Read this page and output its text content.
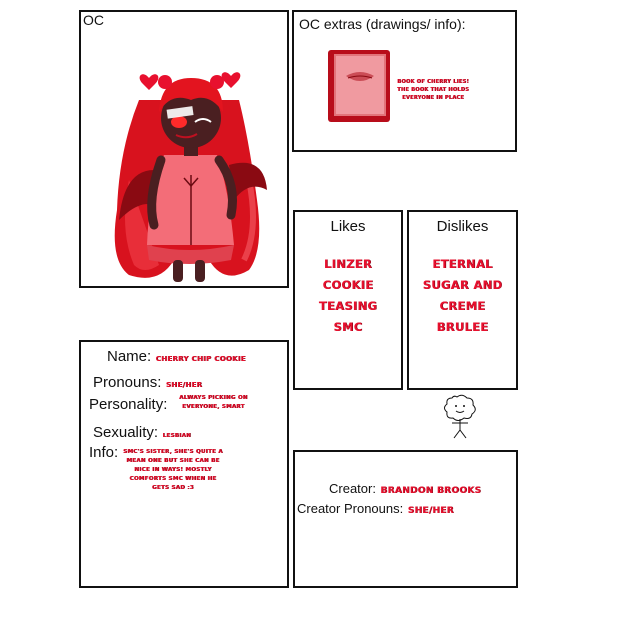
OC	OC extras (drawings/ info):
BOOK OF CHERRY LIES! THE BOOK THAT HOLDS EVERYONE IN PLACE
Likes
LINZER
COOKIE
TEASING
SMC
Dislikes
ETERNAL
SUGAR AND
CREME
BRULEE
Name: CHERRY CHIP COOKIE
Pronouns: SHE/HER
Personality: ALWAYS PICKING ON
EVERYONE, SMART
Sexuality: LESBIAN
Info: SMC'S SISTER, SHE'S QUITE A
MEAN ONE BUT SHE CAN BE
NICE IN WAYS! MOSTLY
COMFORTS SMC WHEN HE
GETS SAD :3	Creator: BRANDON BROOKS
Creator Pronouns: SHE/HER
